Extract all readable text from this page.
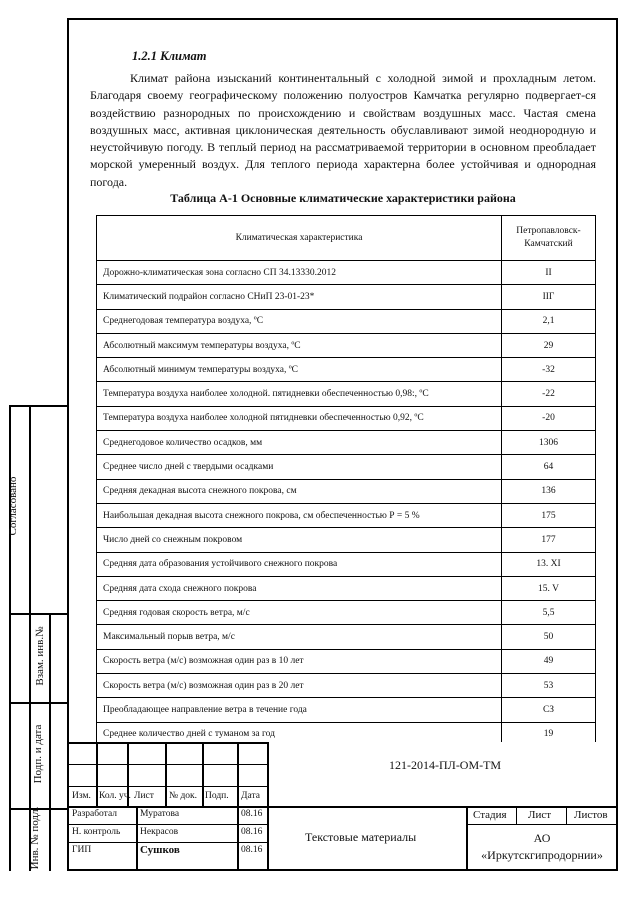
1.2.1 Климат

Климат района изысканий континентальный с холодной зимой и прохладным летом. Благодаря своему географическому положению полуостров Камчатка регулярно подвергает-ся воздействию разнородных по происхождению и свойствам воздушных масс. Частая смена воздушных масс, активная циклоническая деятельность обуславливают зимой неоднородную и неустойчивую погоду. В теплый период на рассматриваемой территории в основном преобладает морской умеренный воздух. Для теплого периода характерна более устойчивая и однородная погода.

Таблица А-1 Основные климатические характеристики района
Климатическая характеристика	Петропавловск-Камчатский
Дорожно-климатическая зона согласно СП 34.13330.2012	II
Климатический подрайон согласно СНиП 23-01-23*	IIГ
Среднегодовая температура воздуха, ºС	2,1
Абсолютный максимум температуры воздуха, ºС	29
Абсолютный минимум температуры воздуха, ºС	-32
Температура воздуха наиболее холодной. пятидневки обеспеченностью 0,98:, ºС	-22
Температура воздуха наиболее холодной пятидневки обеспеченностью 0,92, ºС	-20
Среднегодовое количество осадков, мм	1306
Среднее число дней с твердыми осадками	64
Средняя декадная высота снежного покрова, см	136
Наибольшая декадная высота снежного покрова, см обеспеченностью Р = 5 %	175
Число дней со снежным покровом	177
Средняя дата образования устойчивого снежного покрова	13. XI
Средняя дата схода снежного покрова	15. V
Средняя годовая скорость ветра, м/с	5,5
Максимальный порыв ветра, м/с	50
Скорость ветра (м/с) возможная один раз в 10 лет	49
Скорость ветра (м/с) возможная один раз в 20 лет	53
Преобладающее направление ветра в течение года	СЗ
Среднее количество дней с туманом за год	19

Согласовано
Взам. инв.№
Подп. и дата
Инв. № подл.
121-2014-ПЛ-ОМ-ТМ
Изм. Кол. уч. Лист № док. Подп. Дата
Разработал Муратова	08.16
Н. контроль Некрасов	08.16
ГИП	Сушков	08.16
Текстовые материалы
Стадия Лист Листов
АО
«Иркутскгипродорнии»
